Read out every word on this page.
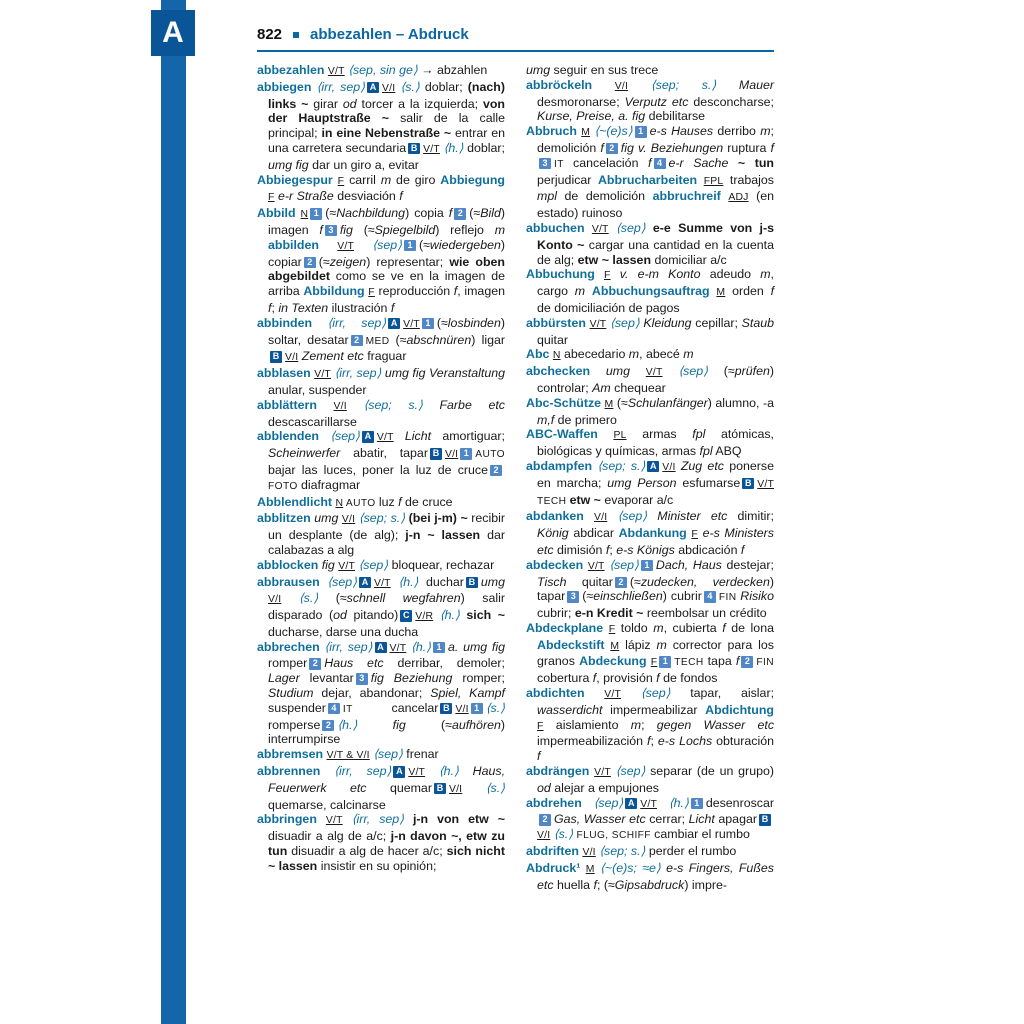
A	822 abbezahlen – Abdruck

abbezahlen V/T ⟨sep, sin ge⟩ → abzahlen

abbiegen ⟨irr, sep⟩ A V/I ⟨s.⟩ doblar; (nach) links ~ girar od torcer a la izquierda; von der Hauptstraße ~ salir de la calle principal; in eine Nebenstraße ~ entrar en una carretera secundaria B V/T ⟨h.⟩ doblar; umg fig dar un giro a, evitar

Abbiegespur F carril m de giro Abbiegung F e-r Straße desviación f

Abbild N 1 (≈Nachbildung) copia f 2 (≈Bild) imagen f 3 fig (≈Spiegelbild) reflejo m abbilden V/T ⟨sep⟩ 1 (≈wiedergeben) copiar 2 (≈zeigen) representar; wie oben abgebildet como se ve en la imagen de arriba Abbildung F reproducción f, imagen f; in Texten ilustración f

abbinden ⟨irr, sep⟩ A V/T 1 (≈losbinden) soltar, desatar 2 MED (≈abschnüren) ligarB V/I Zement etc fraguar

abblasen V/T ⟨irr, sep⟩ umg fig Veranstaltung anular, suspender

abblättern V/I ⟨sep; s.⟩ Farbe etc descascarillarse

abblenden ⟨sep⟩ A V/T Licht amortiguar; Scheinwerfer abatir, tapar B V/I 1 AUTO bajar las luces, poner la luz de cruce 2FOTO diafragmar

Abblendlicht N AUTO luz f de cruce

abblitzen umg V/I ⟨sep; s.⟩ (bei j-m) ~ recibir un desplante (de alg); j-n ~ lassen dar calabazas a alg

abblocken fig V/T ⟨sep⟩ bloquear, rechazar

abbrausen ⟨sep⟩ A V/T ⟨h.⟩ duchar B umg V/I ⟨s.⟩ (≈schnell wegfahren) salir disparado (od pitando) C V/R ⟨h.⟩ sich ~ ducharse, darse una ducha

abbrechen ⟨irr, sep⟩ A V/T ⟨h.⟩ 1 a. umg fig romper 2 Haus etc derribar, demoler; Lager levantar 3 fig Beziehung romper; Studium dejar, abandonar; Spiel, Kampf suspender 4 IT cancelar B V/I 1 ⟨s.⟩ romperse 2 ⟨h.⟩ fig (≈aufhören) interrumpirse

abbremsen V/T & V/I ⟨sep⟩ frenar

abbrennen ⟨irr, sep⟩ A V/T ⟨h.⟩ Haus, Feuerwerk etc quemar B V/I ⟨s.⟩ quemarse, calcinarse

abbringen V/T ⟨irr, sep⟩ j-n von etw ~ disuadir a alg de a/c; j-n davon ~, etw zu tun disuadir a alg de hacer a/c; sich nicht ~ lassen insistir en su opinión;

umg seguir en sus trece

abbröckeln V/I ⟨sep; s.⟩ Mauer desmoronarse; Verputz etc desconcharse; Kurse, Preise, a. fig debilitarse

Abbruch M ⟨~(e)s⟩ 1 e-s Hauses derribo m; demolición f 2 fig v. Beziehungen ruptura f3 IT cancelación f 4 e-r Sache ~ tun perjudicar Abbrucharbeiten FPL trabajos mpl de demolición abbruchreif ADJ (en estado) ruinoso

abbuchen V/T ⟨sep⟩ e-e Summe von j-s Konto ~ cargar una cantidad en la cuenta de alg; etw ~ lassen domiciliar a/c

Abbuchung F v. e-m Konto adeudo m, cargo m Abbuchungsauftrag M orden f de domiciliación de pagos

abbürsten V/T ⟨sep⟩ Kleidung cepillar; Staub quitar

Abc N abecedario m, abecé m

abchecken umg V/T ⟨sep⟩ (≈prüfen) controlar; Am chequear

Abc-Schütze M (≈Schulanfänger) alumno, -a m,f de primero

ABC-Waffen PL armas fpl atómicas, biológicas y químicas, armas fpl ABQ

abdampfen ⟨sep; s.⟩ A V/I Zug etc ponerse en marcha; umg Person esfumarse B V/T TECH etw ~ evaporar a/c

abdanken V/I ⟨sep⟩ Minister etc dimitir; König abdicar Abdankung F e-s Ministers etc dimisión f; e-s Königs abdicación f

abdecken V/T ⟨sep⟩ 1 Dach, Haus destejar; Tisch quitar 2 (≈zudecken, verdecken) tapar 3 (≈einschließen) cubrir 4 FIN Risiko cubrir; e-n Kredit ~ reembolsar un crédito

Abdeckplane F toldo m, cubierta f de lona Abdeckstift M lápiz m corrector para los granos Abdeckung F 1 TECH tapa f 2 FIN cobertura f, provisión f de fondos

abdichten V/T ⟨sep⟩ tapar, aislar; wasserdicht impermeabilizar Abdichtung F aislamiento m; gegen Wasser etc impermeabilización f; e-s Lochs obturación f

abdrängen V/T ⟨sep⟩ separar (de un grupo) od alejar a empujones

abdrehen ⟨sep⟩ A V/T ⟨h.⟩ 1 desenroscar2 Gas, Wasser etc cerrar; Licht apagar BV/I ⟨s.⟩ FLUG, SCHIFF cambiar el rumbo

abdriften V/I ⟨sep; s.⟩ perder el rumbo

Abdruck¹ M ⟨~(e)s; ≈e⟩ e-s Fingers, Fußes etc huella f; (≈Gipsabdruck) impre-
